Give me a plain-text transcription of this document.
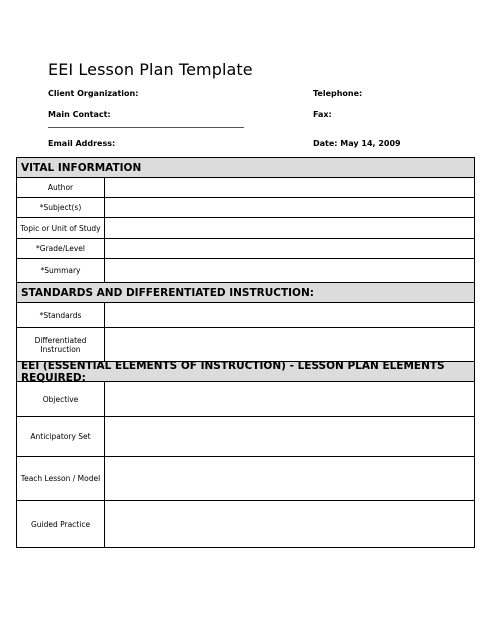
EEI Lesson Plan Template
Client Organization:	Telephone:
Main Contact:	Fax:
Email Address:	Date: May 14, 2009
VITAL INFORMATION
Author
*Subject(s)
Topic or Unit of Study
*Grade/Level
*Summary
STANDARDS AND DIFFERENTIATED INSTRUCTION:
*Standards
Differentiated Instruction
EEI (ESSENTIAL ELEMENTS OF INSTRUCTION) - LESSON PLAN ELEMENTS REQUIRED:
Objective
Anticipatory Set
Teach Lesson / Model
Guided Practice
